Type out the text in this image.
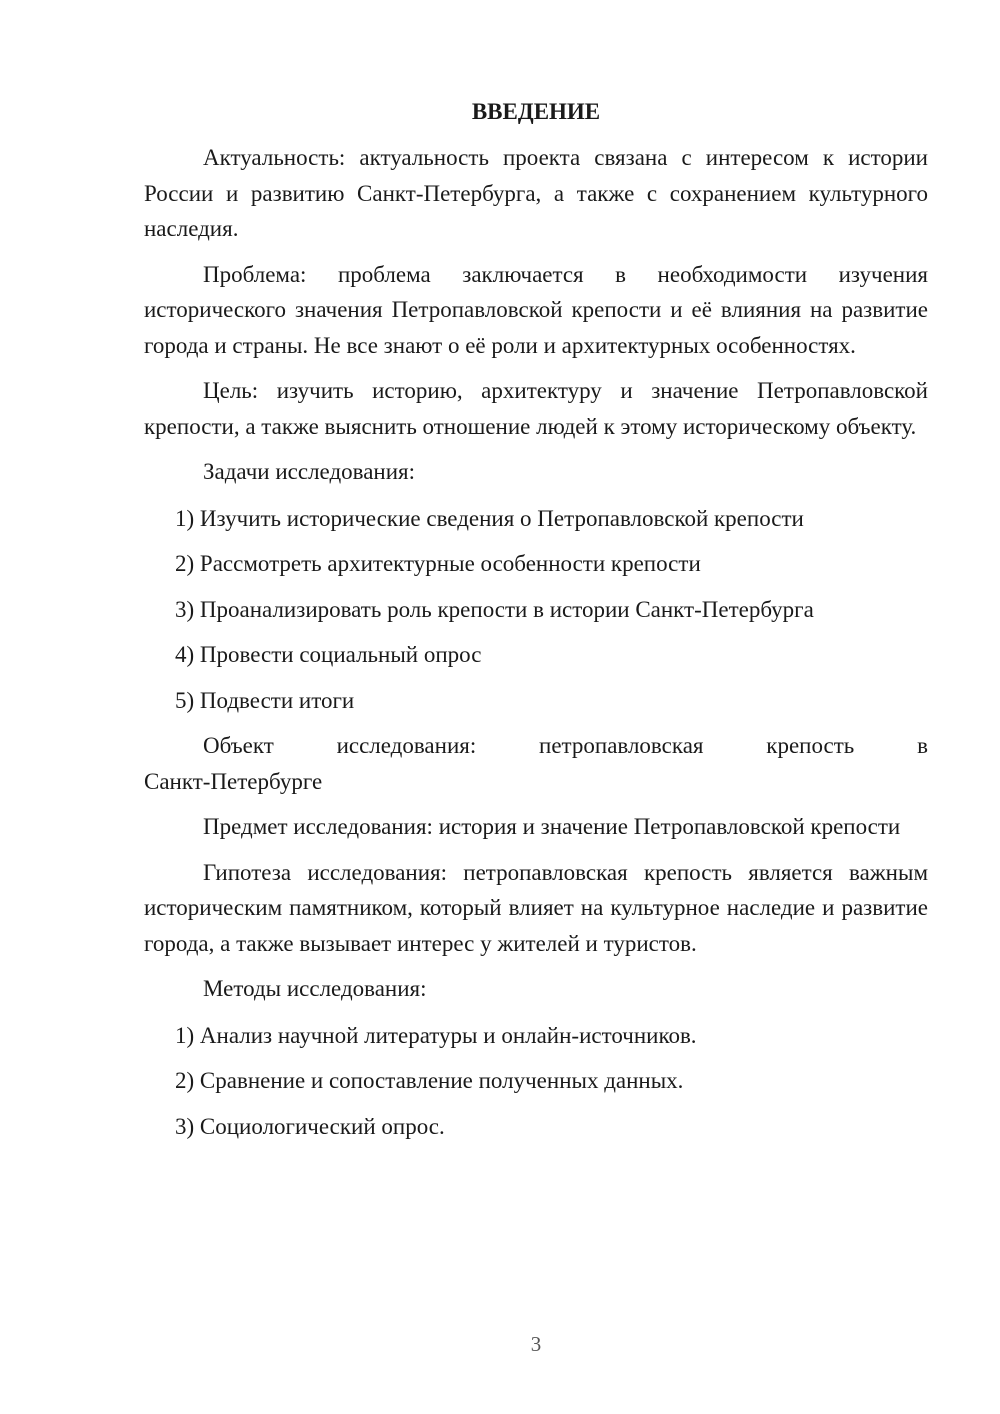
ВВЕДЕНИЕ

Актуальность: актуальность проекта связана с интересом к истории России и развитию Санкт-Петербурга, а также с сохранением культурного наследия.

Проблема: проблема заключается в необходимости изучения исторического значения Петропавловской крепости и её влияния на развитие города и страны. Не все знают о её роли и архитектурных особенностях.

Цель: изучить историю, архитектуру и значение Петропавловской крепости, а также выяснить отношение людей к этому историческому объекту.

Задачи исследования:

1) Изучить исторические сведения о Петропавловской крепости
2) Рассмотреть архитектурные особенности крепости
3) Проанализировать роль крепости в истории Санкт-Петербурга
4) Провести социальный опрос
5) Подвести итоги
Объект	исследования:	петропавловская	крепость	в
Санкт-Петербурге

Предмет исследования: история и значение Петропавловской крепости

Гипотеза исследования: петропавловская крепость является важным историческим памятником, который влияет на культурное наследие и развитие города, а также вызывает интерес у жителей и туристов.

Методы исследования:

1) Анализ научной литературы и онлайн-источников.
2) Сравнение и сопоставление полученных данных.
3) Социологический опрос.
3
